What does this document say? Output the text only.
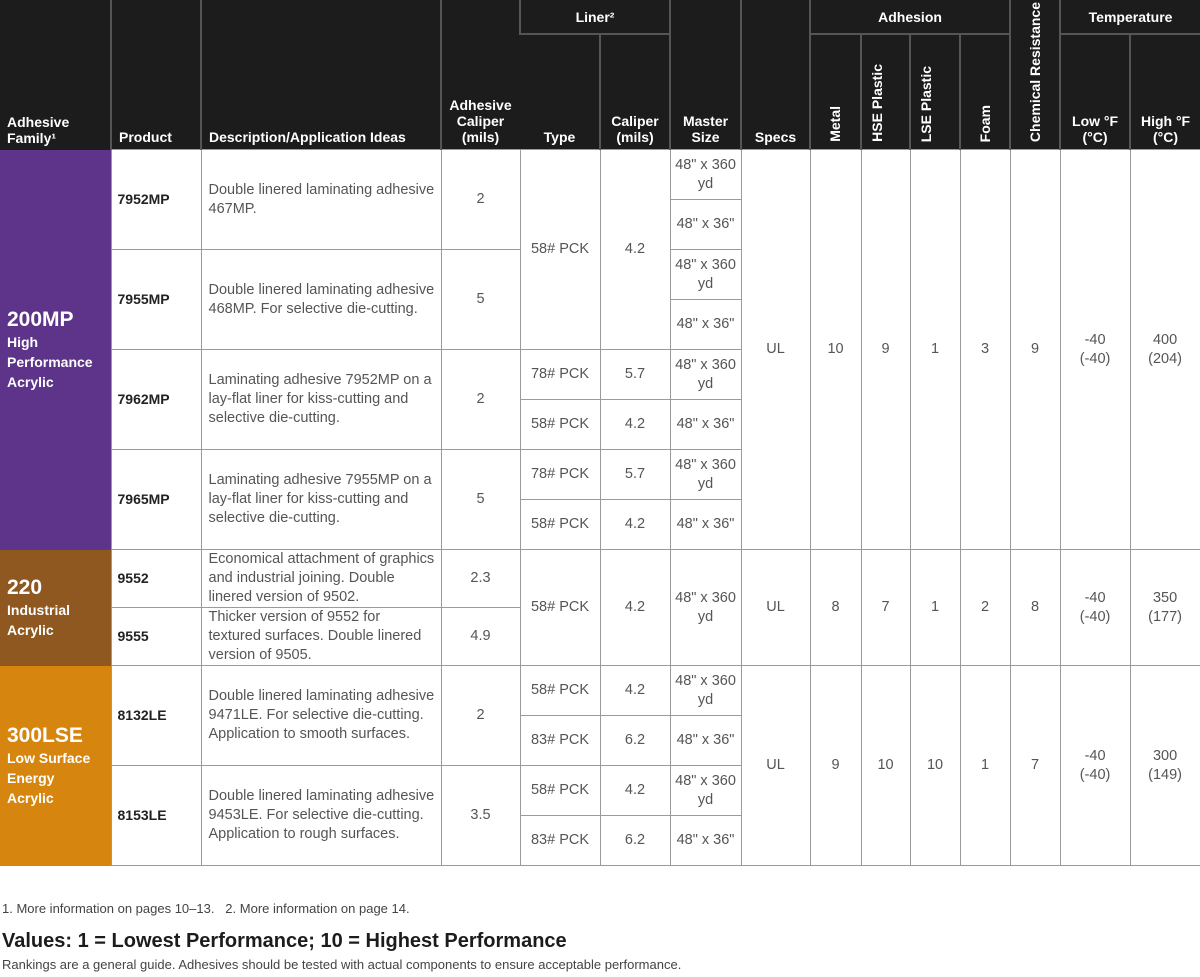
Adhesive Family¹	Product	Description/Application Ideas	Adhesive Caliper (mils)	Liner²		Master Size	Specs	Adhesion				Chemical Resistance	Temperature	
				Type	Caliper (mils)			Metal	HSE Plastic	LSE Plastic	Foam		Low °F (°C)	High °F (°C)

200MP
High Performance Acrylic	7952MP	Double linered laminating adhesive 467MP.	2	58# PCK	4.2	48" x 360 yd	UL	10	9	1	3	9	-40 (-40)	400 (204)
						48" x 36"								
	7955MP	Double linered laminating adhesive 468MP. For selective die-cutting.	5			48" x 360 yd								
						48" x 36"								
	7962MP	Laminating adhesive 7952MP on a lay-flat liner for kiss-cutting and selective die-cutting.	2	78# PCK	5.7	48" x 360 yd								
				58# PCK	4.2	48" x 36"								
	7965MP	Laminating adhesive 7955MP on a lay-flat liner for kiss-cutting and selective die-cutting.	5	78# PCK	5.7	48" x 360 yd								
				58# PCK	4.2	48" x 36"								

220
Industrial Acrylic	9552	Economical attachment of graphics and industrial joining. Double linered version of 9502.	2.3	58# PCK	4.2	48" x 360 yd	UL	8	7	1	2	8	-40 (-40)	350 (177)

	9555	Thicker version of 9552 for textured surfaces. Double linered version of 9505.	4.9											

300LSE
Low Surface Energy Acrylic	8132LE	Double linered laminating adhesive 9471LE. For selective die-cutting. Application to smooth surfaces.	2	58# PCK	4.2	48" x 360 yd	UL	9	10	10	1	7	-40 (-40)	300 (149)
				83# PCK	6.2	48" x 36"								
	8153LE	Double linered laminating adhesive 9453LE. For selective die-cutting. Application to rough surfaces.	3.5	58# PCK	4.2	48" x 360 yd								
				83# PCK	6.2	48" x 36"								
1. More information on pages 10–13.   2. More information on page 14.
Values: 1 = Lowest Performance; 10 = Highest Performance
Rankings are a general guide. Adhesives should be tested with actual components to ensure acceptable performance.
